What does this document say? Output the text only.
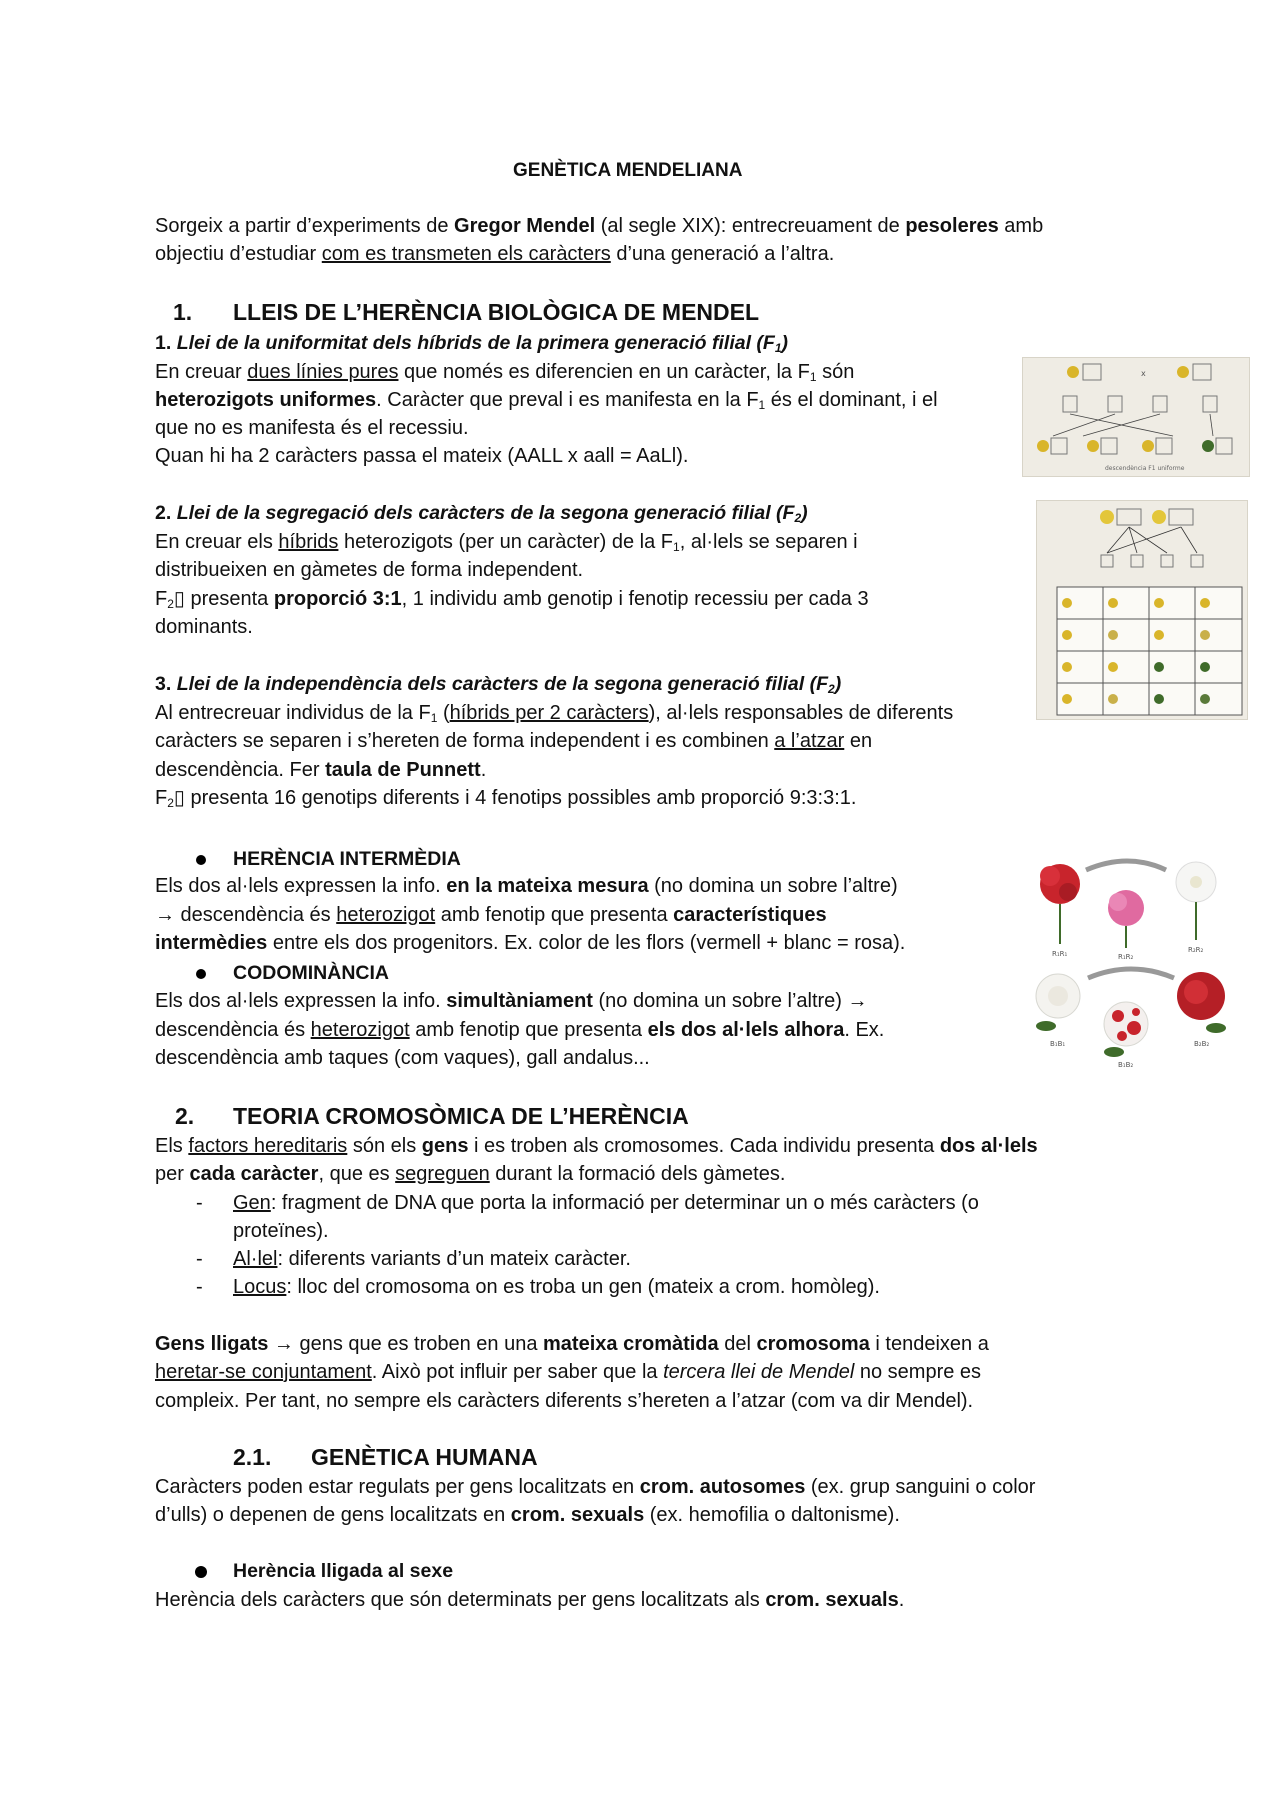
GENÈTICA MENDELIANA
Sorgeix a partir d’experiments de Gregor Mendel (al segle XIX): entrecreuament de pesoleres amb
objectiu d’estudiar com es transmeten els caràcters d’una generació a l’altra.
1. LLEIS DE L’HERÈNCIA BIOLÒGICA DE MENDEL
1. Llei de la uniformitat dels híbrids de la primera generació filial $(F_1)$
En creuar dues línies pures que només es diferencien en un caràcter, la $F_1$ són
heterozigots uniformes. Caràcter que preval i es manifesta en la $F_1$ és el dominant, i el
que no es manifesta és el recessiu.
Quan hi ha 2 caràcters passa el mateix (AALL x aall = AaLl).
x
descendència F1 uniforme
2. Llei de la segregació dels caràcters de la segona generació filial $(F_2)$
En creuar els híbrids heterozigots (per un caràcter) de la $F_1$, al·lels se separen i
distribueixen en gàmetes de forma independent.
$F_2▯$ presenta proporció 3:1, 1 individu amb genotip i fenotip recessiu per cada 3
dominants.
3. Llei de la independència dels caràcters de la segona generació filial $(F_2)$
Al entrecreuar individus de la $F_1$ (híbrids per 2 caràcters), al·lels responsables de diferents
caràcters se separen i s’hereten de forma independent i es combinen a l’atzar en
descendència. Fer taula de Punnett.
$F_2▯$ presenta 16 genotips diferents i 4 fenotips possibles amb proporció 9:3:3:1.
HERÈNCIA INTERMÈDIA
Els dos al·lels expressen la info. en la mateixa mesura (no domina un sobre l’altre)
→ descendència és heterozigot amb fenotip que presenta característiques
intermèdies entre els dos progenitors. Ex. color de les flors (vermell + blanc = rosa).	R₁R₁	R₁R₂
R₂R₂
CODOMINÀNCIA
Els dos al·lels expressen la info. simultàniament (no domina un sobre l’altre) →
descendència és heterozigot amb fenotip que presenta els dos al·lels alhora. Ex.
descendència amb taques (com vaques), gall andalus...
B₁B₁
B₁B₂
B₂B₂
2. TEORIA CROMOSÒMICA DE L’HERÈNCIA
Els factors hereditaris són els gens i es troben als cromosomes. Cada individu presenta dos al·lels
per cada caràcter, que es segreguen durant la formació dels gàmetes.
- Gen: fragment de DNA que porta la informació per determinar un o més caràcters (o
proteïnes).
- Al·lel: diferents variants d’un mateix caràcter.
- Locus: lloc del cromosoma on es troba un gen (mateix a crom. homòleg).
Gens lligats → gens que es troben en una mateixa cromàtida del cromosoma i tendeixen a
heretar-se conjuntament. Això pot influir per saber que la tercera llei de Mendel no sempre es
compleix. Per tant, no sempre els caràcters diferents s’hereten a l’atzar (com va dir Mendel).
2.1. GENÈTICA HUMANA
Caràcters poden estar regulats per gens localitzats en crom. autosomes (ex. grup sanguini o color
d’ulls) o depenen de gens localitzats en crom. sexuals (ex. hemofilia o daltonisme).
Herència lligada al sexe
Herència dels caràcters que són determinats per gens localitzats als crom. sexuals.
